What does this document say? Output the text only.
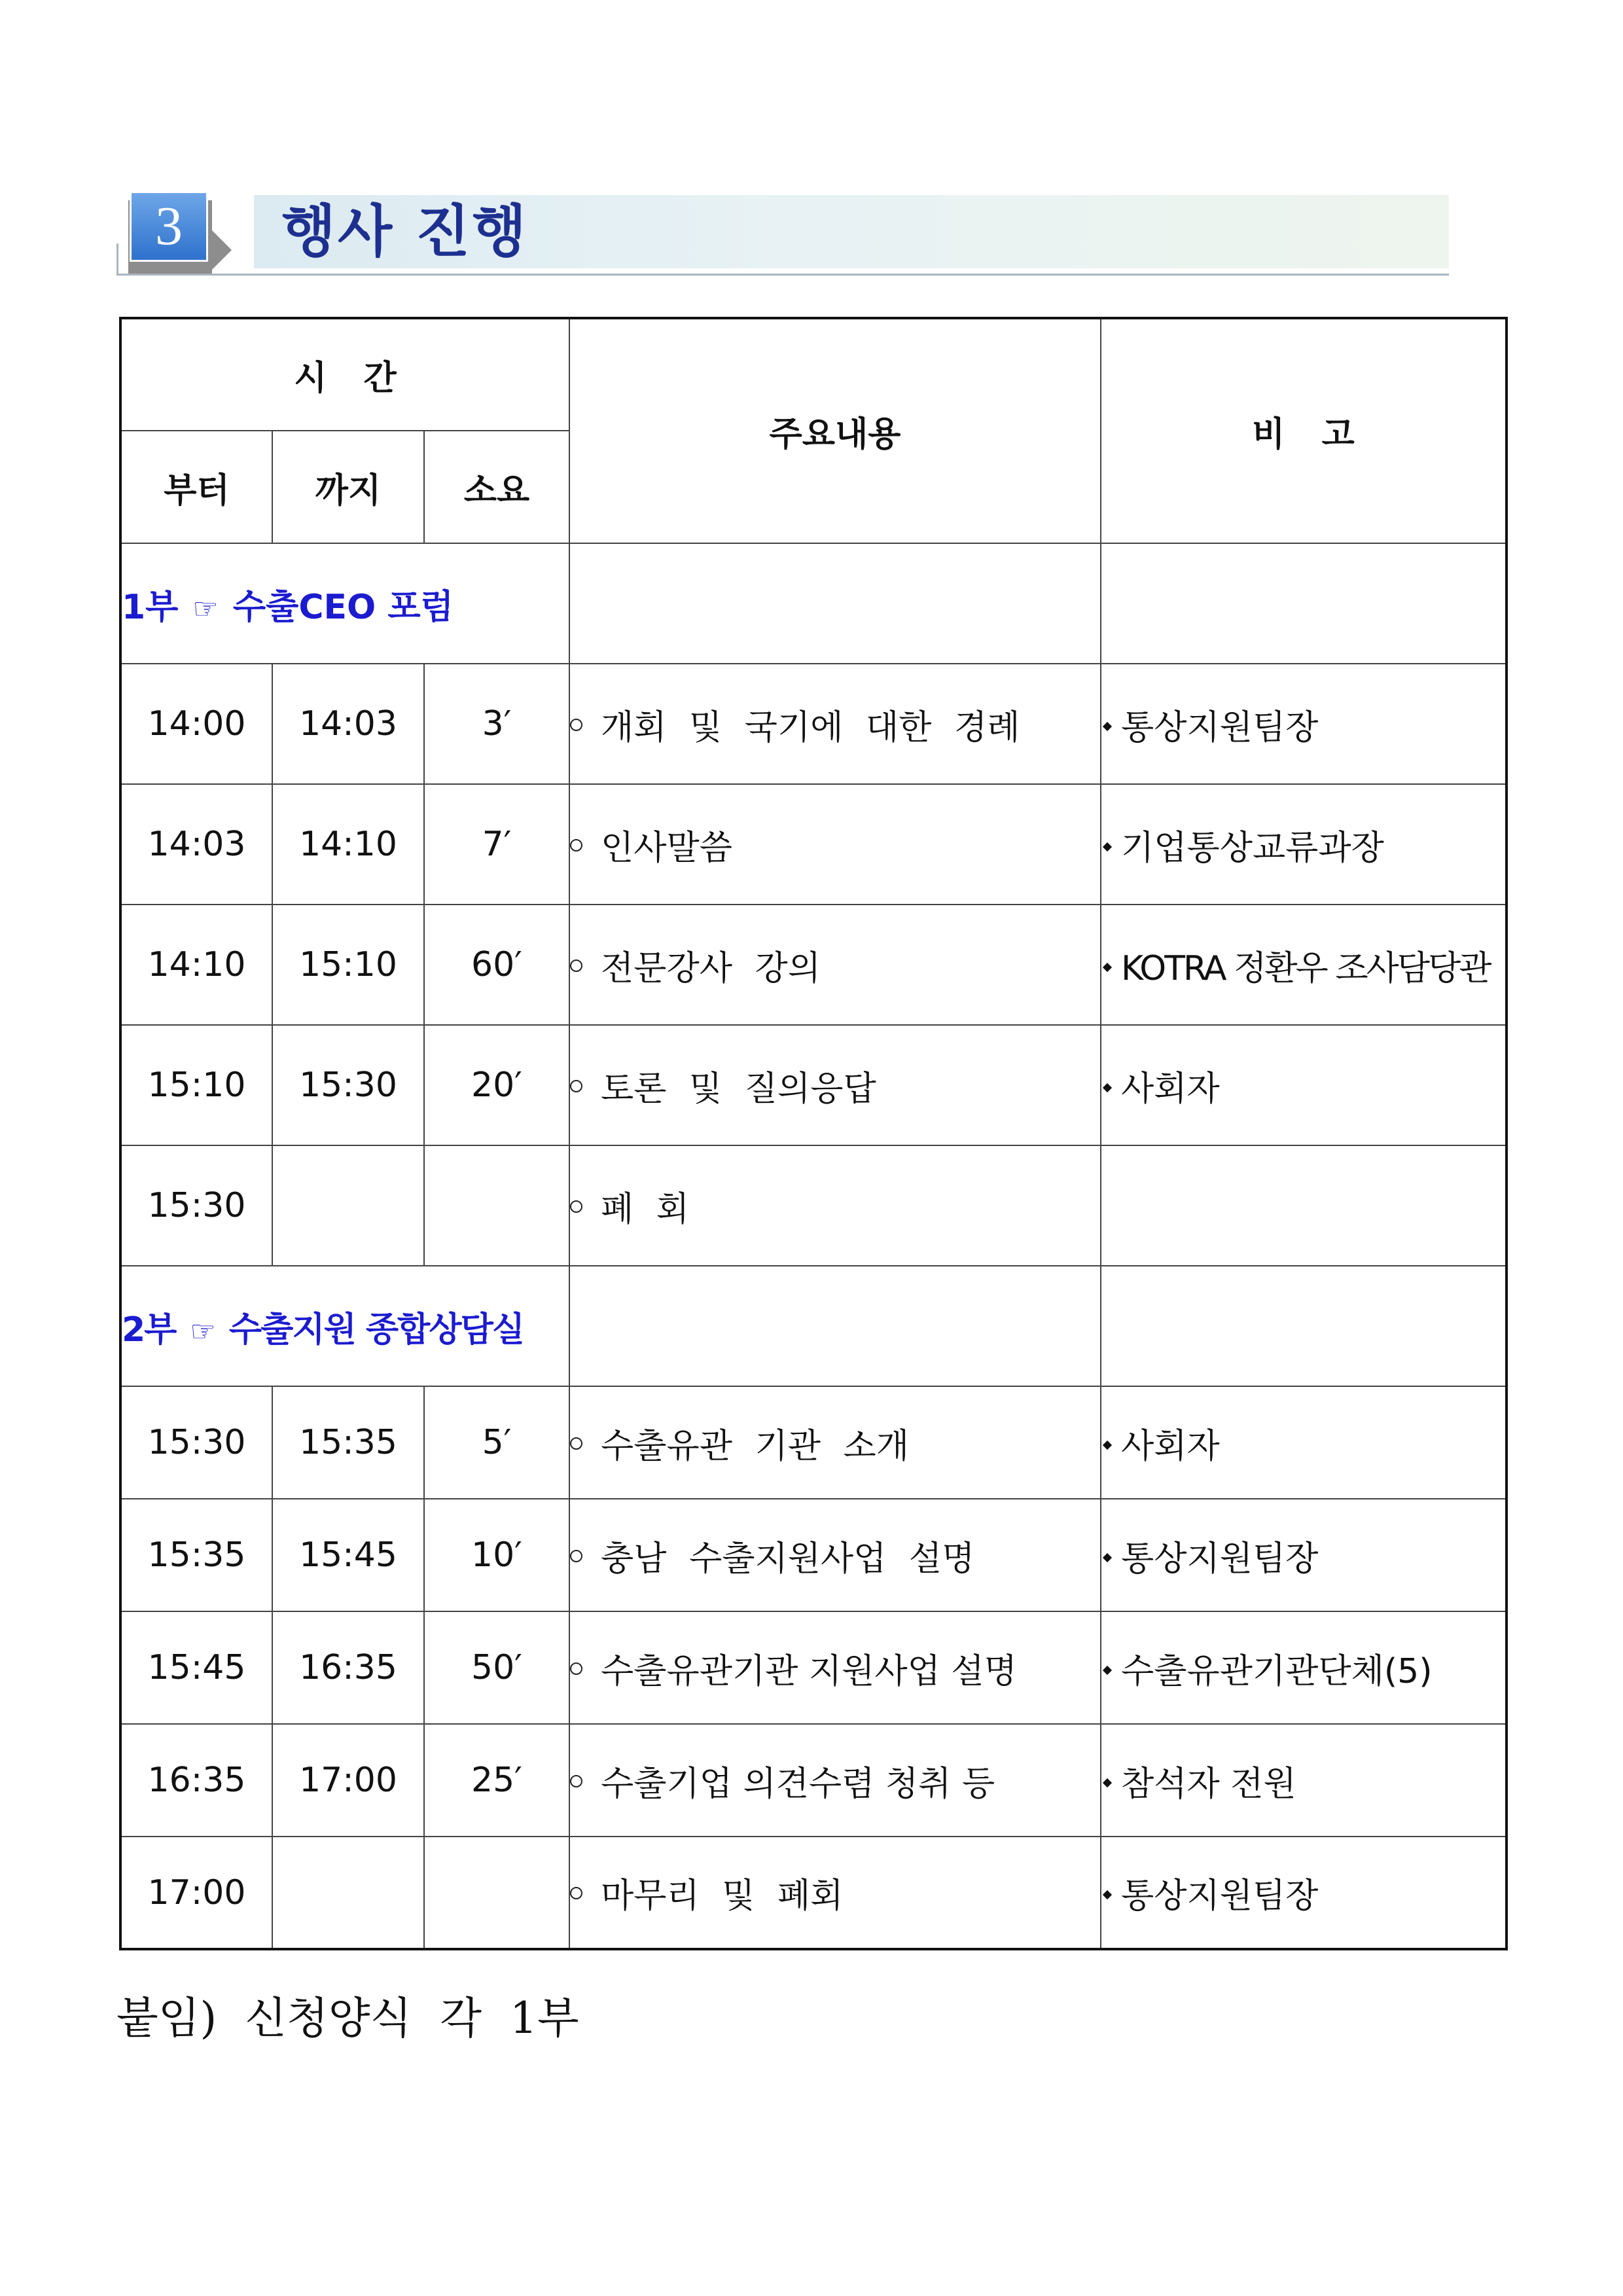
3	행사 진행
시간			주요내용	비고
부터	까지	소요		
1부 ☞ 수출CEO 포럼				
14:00	14:03	3′	개회 및 국기에 대한 경례	통상지원팀장
14:03	14:10	7′	인사말씀	기업통상교류과장
14:10	15:10	60′	전문강사 강의	KOTRA 정환우 조사담당관
15:10	15:30	20′	토론 및 질의응답	사회자
15:30			폐 회	
2부 ☞ 수출지원 종합상담실				
15:30	15:35	5′	수출유관 기관 소개	사회자
15:35	15:45	10′	충남 수출지원사업 설명	통상지원팀장
15:45	16:35	50′	수출유관기관 지원사업 설명	수출유관기관단체(5)
16:35	17:00	25′	수출기업 의견수렴 청취 등	참석자 전원
17:00			마무리 및 폐회	통상지원팀장
붙임) 신청양식 각 1부
